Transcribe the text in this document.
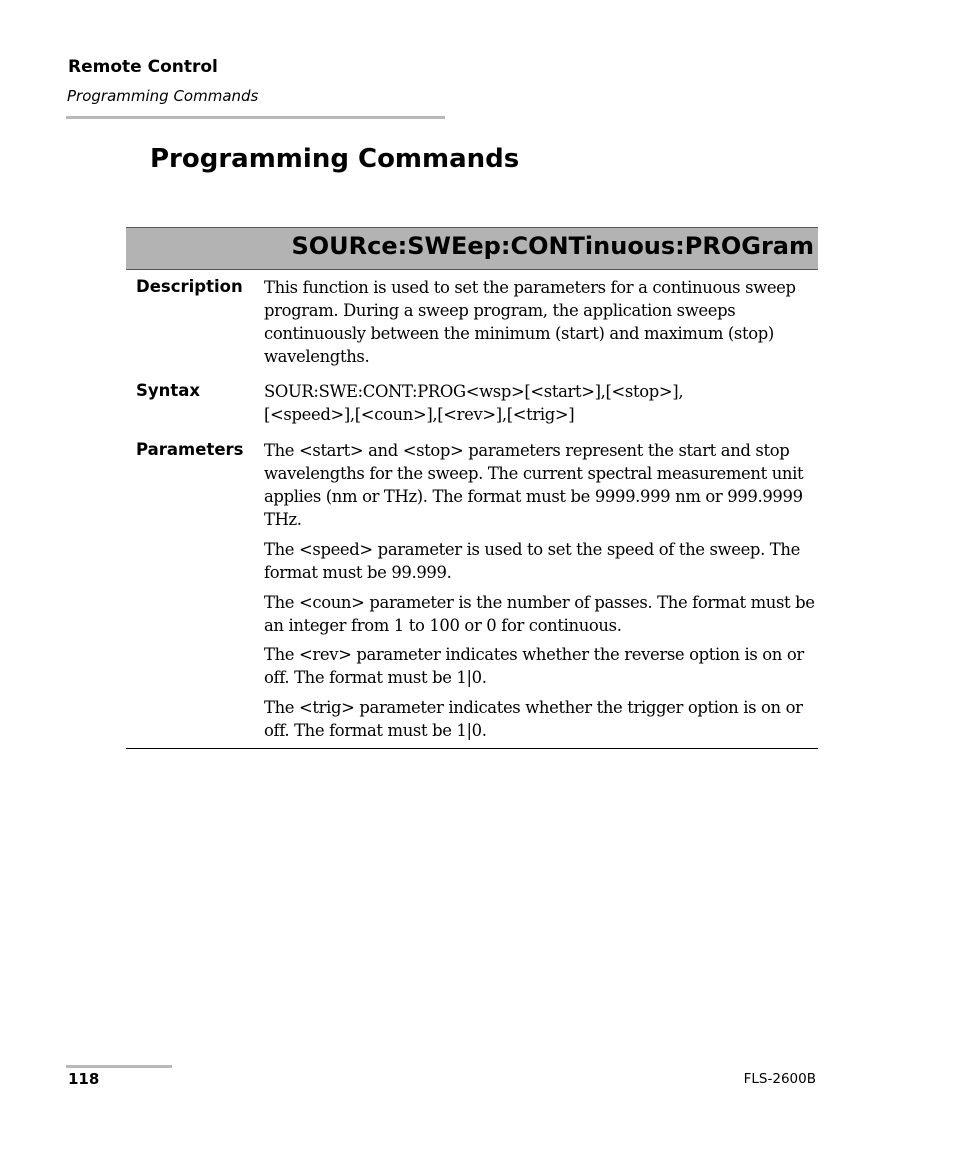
Remote Control
Programming Commands
Programming Commands
SOURce:SWEep:CONTinuous:PROGram
Description This function is used to set the parameters for a continuous sweep program. During a sweep program, the application sweeps continuously between the minimum (start) and maximum (stop) wavelengths.
Syntax	SOUR:SWE:CONT:PROG<wsp>[<start>],[<stop>],
[<speed>],[<coun>],[<rev>],[<trig>]
Parameters The <start> and <stop> parameters represent the start and stop wavelengths for the sweep. The current spectral measurement unit applies (nm or THz). The format must be 9999.999 nm or 999.9999 THz.
The <speed> parameter is used to set the speed of the sweep. The format must be 99.999.
The <coun> parameter is the number of passes. The format must be an integer from 1 to 100 or 0 for continuous.
The <rev> parameter indicates whether the reverse option is on or off. The format must be 1|0.
The <trig> parameter indicates whether the trigger option is on or off. The format must be 1|0.
118	FLS-2600B
